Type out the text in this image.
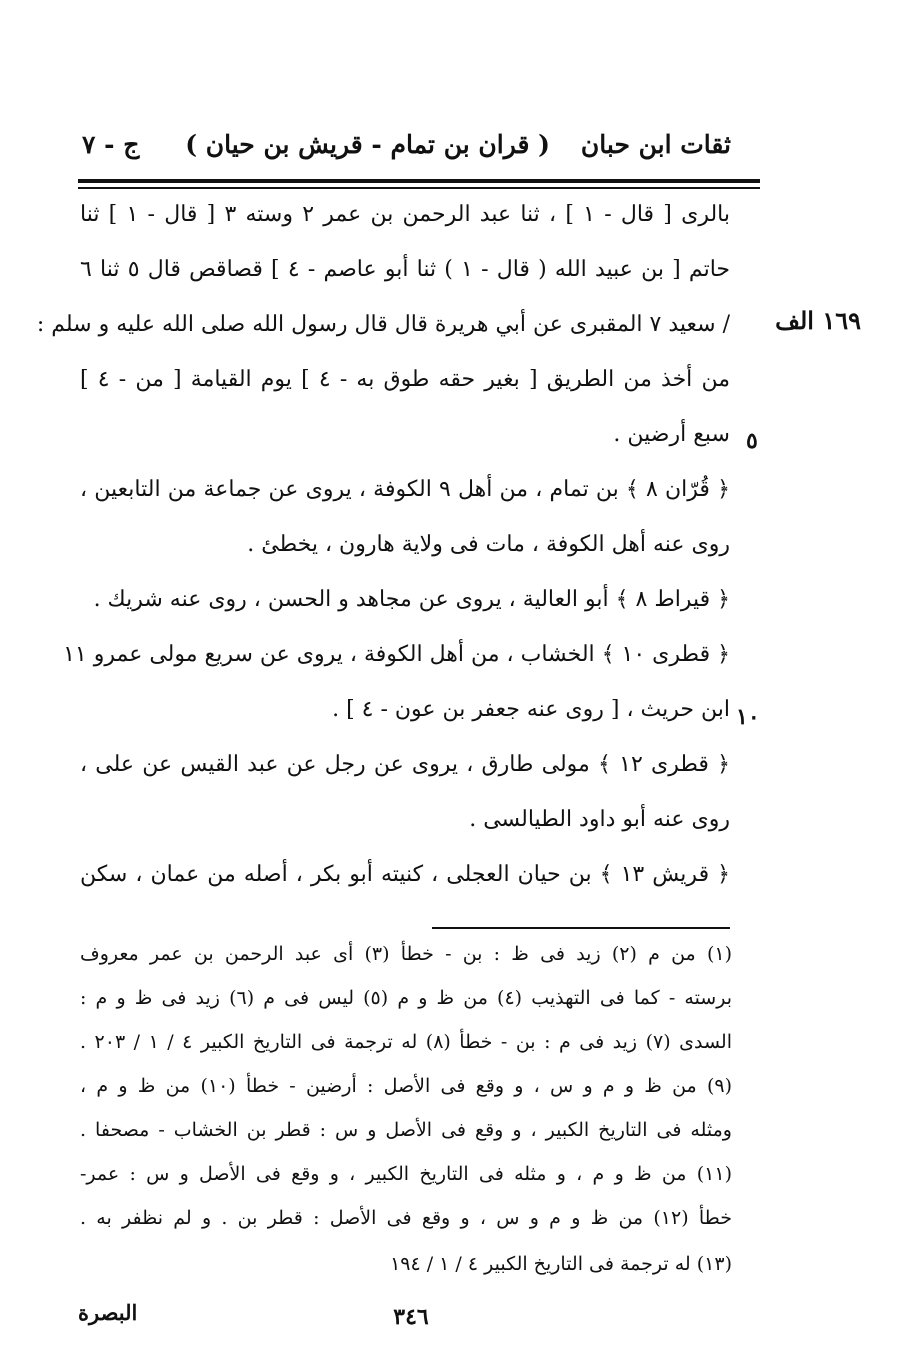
ثقات ابن حبان
( قران بن تمام - قريش بن حيان )
ج - ٧
١٦٩ الف
٥
١٠
بالرى [ قال - ١ ] ، ثنا عبد الرحمن بن عمر ٢ وسته ٣ [ قال - ١ ] ثنا
حاتم [ بن عبيد الله ( قال - ١ ) ثنا أبو عاصم - ٤ ] قصاقص قال ٥ ثنا ٦
/ سعيد ٧ المقبرى عن أبي هريرة قال قال رسول الله صلى الله عليه و سلم :
من أخذ من الطريق [ بغير حقه طوق به - ٤ ] يوم القيامة [ من - ٤ ]
سبع أرضين .
﴿ قُرّان ٨ ﴾ بن تمام ، من أهل ٩ الكوفة ، يروى عن جماعة من التابعين ،
روى عنه أهل الكوفة ، مات فى ولاية هارون ، يخطئ .
﴿ قيراط ٨ ﴾ أبو العالية ، يروى عن مجاهد و الحسن ، روى عنه شريك .
﴿ قطرى ١٠ ﴾ الخشاب ، من أهل الكوفة ، يروى عن سريع مولى عمرو ١١
ابن حريث ، [ روى عنه جعفر بن عون - ٤ ] .
﴿ قطرى ١٢ ﴾ مولى طارق ، يروى عن رجل عن عبد القيس عن على ،
روى عنه أبو داود الطيالسى .
﴿ قريش ١٣ ﴾ بن حيان العجلى ، كنيته أبو بكر ، أصله من عمان ، سكن
(١) من م (٢) زيد فى ظ : بن - خطأ (٣) أى عبد الرحمن بن عمر معروف
برسته - كما فى التهذيب (٤) من ظ و م (٥) ليس فى م (٦) زيد فى ظ و م :
السدى (٧) زيد فى م : بن - خطأ (٨) له ترجمة فى التاريخ الكبير ٤ / ١ / ٢٠٣ .
(٩) من ظ و م و س ، و وقع فى الأصل : أرضين - خطأ (١٠) من ظ و م ،
ومثله فى التاريخ الكبير ، و وقع فى الأصل و س : قطر بن الخشاب - مصحفا .
(١١) من ظ و م ، و مثله فى التاريخ الكبير ، و وقع فى الأصل و س : عمر-
خطأ (١٢) من ظ و م و س ، و وقع فى الأصل : قطر بن . و لم نظفر به .
(١٣) له ترجمة فى التاريخ الكبير ٤ / ١ / ١٩٤
٣٤٦
البصرة
